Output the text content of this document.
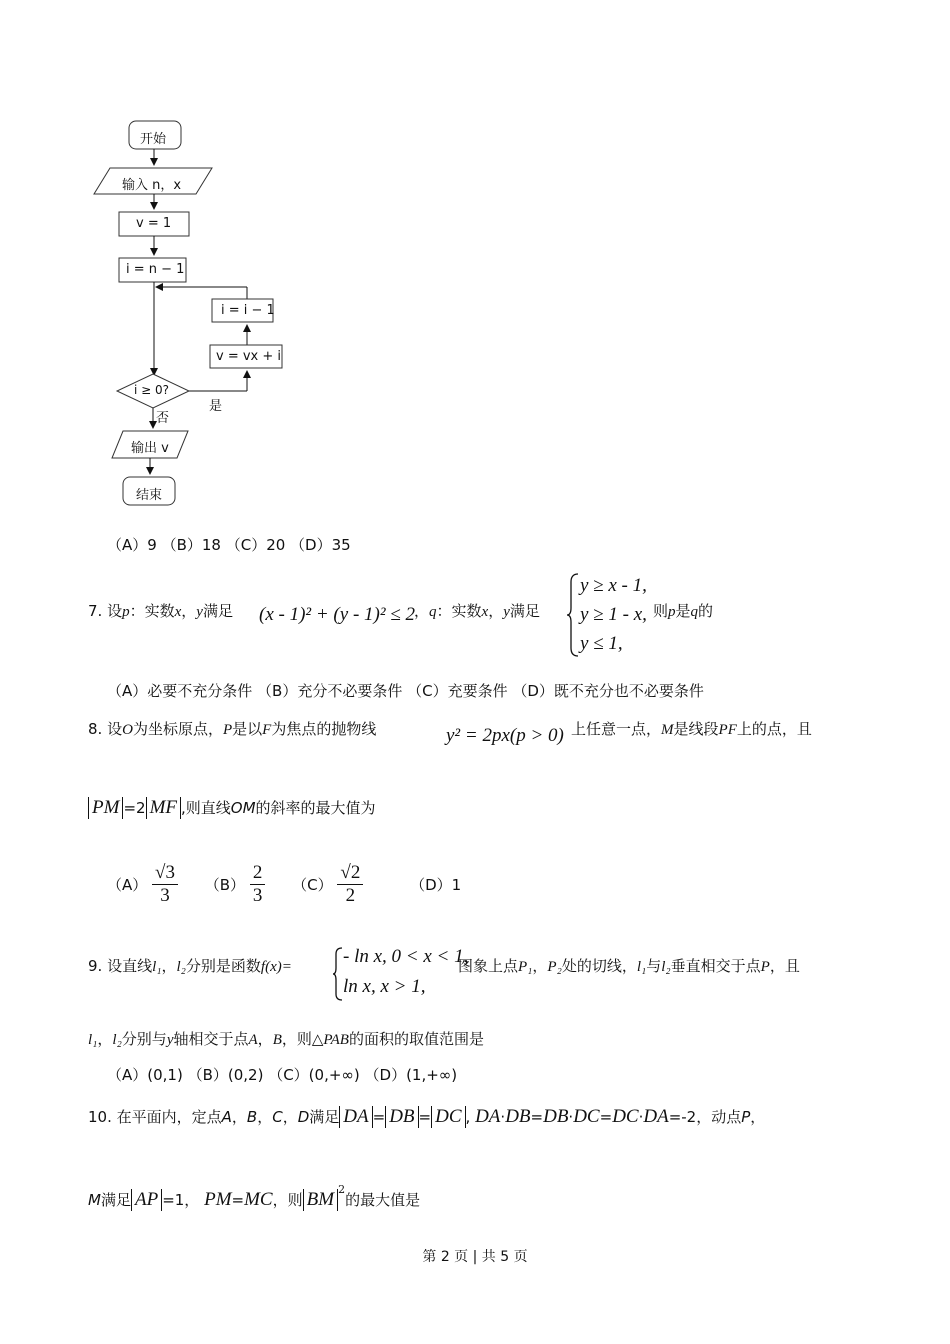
开始
输入 n，x
v = 1
i = n − 1
i = i − 1
v = vx + i
i ≥ 0?
是
否
输出 v
结束
（A）9 （B）18 （C）20 （D）35
7. 设p：实数x，y满足 (x - 1)² + (y - 1)² ≤ 2 ，q：实数x，y满足
y ≥ x - 1,
y ≥ 1 - x,
y ≤ 1,
则p是q的
（A）必要不充分条件 （B）充分不必要条件 （C）充要条件 （D）既不充分也不必要条件
8. 设O为坐标原点，P是以F为焦点的抛物线	y² = 2px(p > 0) 上任意一点，M是线段PF上的点，且
PM =2 MF ,则直线OM的斜率的最大值为
$(A) \frac{√3}{3} (B) \frac{2}{3} (C) \frac{√2}{2}$	（D）1
9. 设直线l₁，l₂分别是函数f(x)=	- ln x, 0 < x < 1,
ln x, x > 1,
图象上点P₁，P₂处的切线，l₁与l₂垂直相交于点P，且
l₁，l₂分别与y轴相交于点A，B，则△PAB的面积的取值范围是
（A）(0,1) （B）(0,2) （C）(0,+∞) （D）(1,+∞)
10. 在平面内，定点A，B，C，D满足 DA = DB = DC , DA·DB=DB·DC=DC·DA=-2，动点P，
M满足 AP =1， PM=MC，则 BM $^2$的最大值是
第 2 页 | 共 5 页
